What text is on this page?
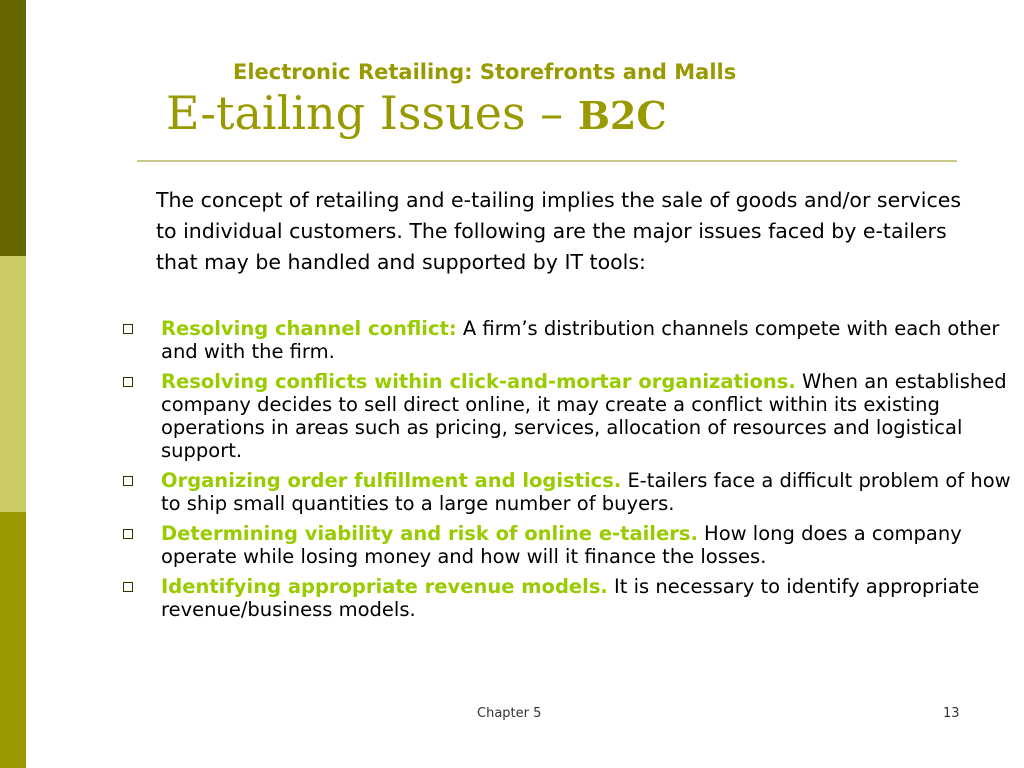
Electronic Retailing: Storefronts and Malls
E-tailing Issues – B2C
The concept of retailing and e-tailing implies the sale of goods and/or services to individual customers. The following are the major issues faced by e-tailers that may be handled and supported by IT tools:
Resolving channel conflict: A firm’s distribution channels compete with each other and with the firm.
Resolving conflicts within click-and-mortar organizations. When an established company decides to sell direct online, it may create a conflict within its existing operations in areas such as pricing, services, allocation of resources and logistical support.
Organizing order fulfillment and logistics. E-tailers face a difficult problem of how to ship small quantities to a large number of buyers.
Determining viability and risk of online e-tailers. How long does a company operate while losing money and how will it finance the losses.
Identifying appropriate revenue models. It is necessary to identify appropriate revenue/business models.
Chapter 5	13
